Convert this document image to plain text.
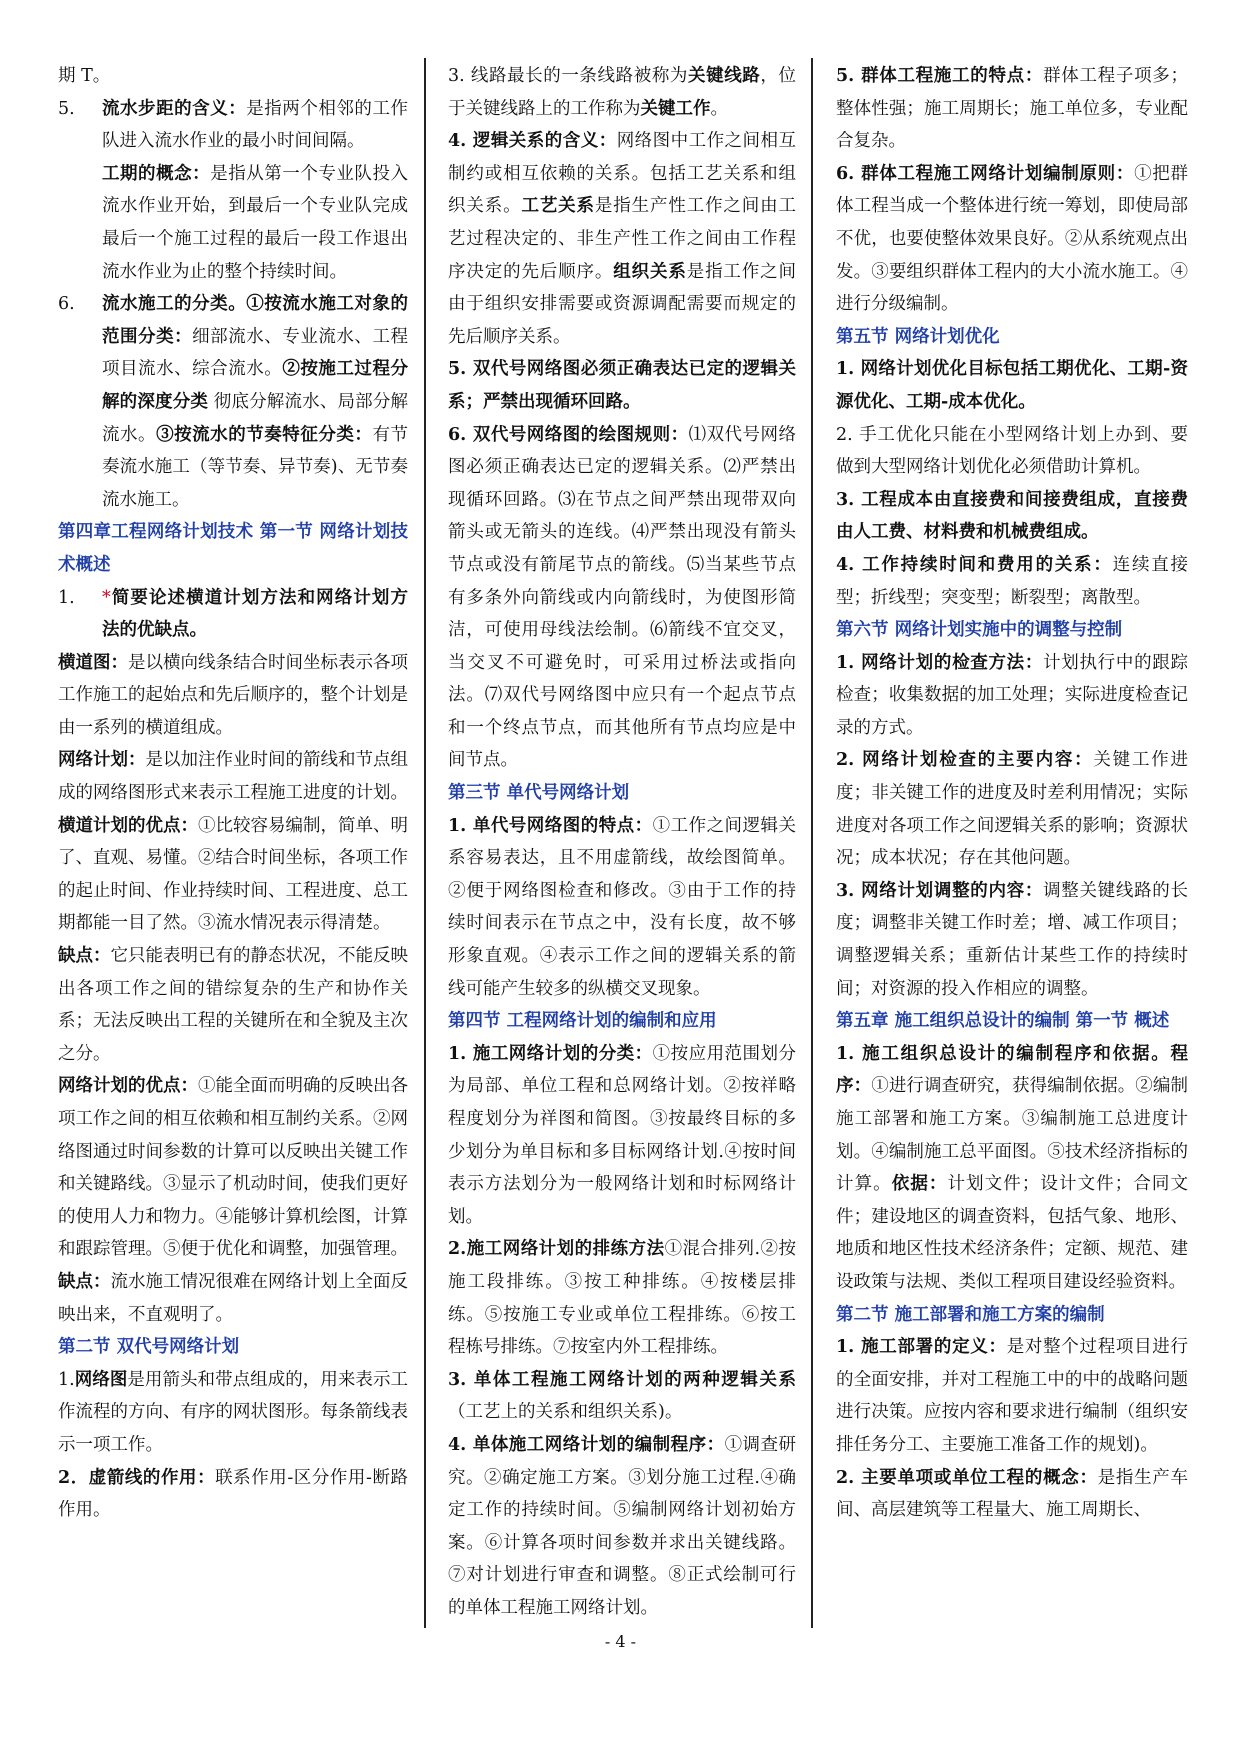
期 T。

5.	流水步距的含义：是指两个相邻的工作队进入流水作业的最小时间间隔。
工期的概念：是指从第一个专业队投入流水作业开始，到最后一个专业队完成最后一个施工过程的最后一段工作退出流水作业为止的整个持续时间。

6.	流水施工的分类。①按流水施工对象的范围分类：细部流水、专业流水、工程项目流水、综合流水。②按施工过程分解的深度分类 彻底分解流水、局部分解流水。③按流水的节奏特征分类：有节奏流水施工（等节奏、异节奏)、无节奏流水施工。

第四章工程网络计划技术 第一节 网络计划技术概述

1.	*简要论述横道计划方法和网络计划方法的优缺点。

横道图：是以横向线条结合时间坐标表示各项工作施工的起始点和先后顺序的，整个计划是由一系列的横道组成。

网络计划：是以加注作业时间的箭线和节点组成的网络图形式来表示工程施工进度的计划。

横道计划的优点：①比较容易编制，简单、明了、直观、易懂。②结合时间坐标，各项工作的起止时间、作业持续时间、工程进度、总工期都能一目了然。③流水情况表示得清楚。

缺点：它只能表明已有的静态状况，不能反映出各项工作之间的错综复杂的生产和协作关系；无法反映出工程的关键所在和全貌及主次之分。

网络计划的优点：①能全面而明确的反映出各项工作之间的相互依赖和相互制约关系。②网络图通过时间参数的计算可以反映出关键工作和关键路线。③显示了机动时间，使我们更好的使用人力和物力。④能够计算机绘图，计算和跟踪管理。⑤便于优化和调整，加强管理。

缺点：流水施工情况很难在网络计划上全面反映出来，不直观明了。

第二节 双代号网络计划

1.网络图是用箭头和带点组成的，用来表示工作流程的方向、有序的网状图形。每条箭线表示一项工作。

2．虚箭线的作用：联系作用-区分作用-断路作用。

3. 线路最长的一条线路被称为关键线路，位于关键线路上的工作称为关键工作。

4. 逻辑关系的含义：网络图中工作之间相互制约或相互依赖的关系。包括工艺关系和组织关系。工艺关系是指生产性工作之间由工艺过程决定的、非生产性工作之间由工作程序决定的先后顺序。组织关系是指工作之间由于组织安排需要或资源调配需要而规定的先后顺序关系。

5. 双代号网络图必须正确表达已定的逻辑关系；严禁出现循环回路。

6. 双代号网络图的绘图规则：⑴双代号网络图必须正确表达已定的逻辑关系。⑵严禁出现循环回路。⑶在节点之间严禁出现带双向箭头或无箭头的连线。⑷严禁出现没有箭头节点或没有箭尾节点的箭线。⑸当某些节点有多条外向箭线或内向箭线时，为使图形简洁，可使用母线法绘制。⑹箭线不宜交叉，当交叉不可避免时，可采用过桥法或指向法。⑺双代号网络图中应只有一个起点节点和一个终点节点，而其他所有节点均应是中间节点。

第三节 单代号网络计划

1. 单代号网络图的特点：①工作之间逻辑关系容易表达，且不用虚箭线，故绘图简单。②便于网络图检查和修改。③由于工作的持续时间表示在节点之中，没有长度，故不够形象直观。④表示工作之间的逻辑关系的箭线可能产生较多的纵横交叉现象。

第四节 工程网络计划的编制和应用

1. 施工网络计划的分类：①按应用范围划分为局部、单位工程和总网络计划。②按祥略程度划分为祥图和简图。③按最终目标的多少划分为单目标和多目标网络计划.④按时间表示方法划分为一般网络计划和时标网络计划。

2.施工网络计划的排练方法①混合排列.②按施工段排练。③按工种排练。④按楼层排练。⑤按施工专业或单位工程排练。⑥按工程栋号排练。⑦按室内外工程排练。

3. 单体工程施工网络计划的两种逻辑关系（工艺上的关系和组织关系)。

4. 单体施工网络计划的编制程序：①调查研究。②确定施工方案。③划分施工过程.④确定工作的持续时间。⑤编制网络计划初始方案。⑥计算各项时间参数并求出关键线路。⑦对计划进行审查和调整。⑧正式绘制可行的单体工程施工网络计划。

5. 群体工程施工的特点：群体工程子项多；整体性强；施工周期长；施工单位多，专业配合复杂。

6. 群体工程施工网络计划编制原则：①把群体工程当成一个整体进行统一筹划，即使局部不优，也要使整体效果良好。②从系统观点出发。③要组织群体工程内的大小流水施工。④进行分级编制。

第五节 网络计划优化

1. 网络计划优化目标包括工期优化、工期-资源优化、工期-成本优化。

2. 手工优化只能在小型网络计划上办到、要做到大型网络计划优化必须借助计算机。

3. 工程成本由直接费和间接费组成，直接费由人工费、材料费和机械费组成。

4. 工作持续时间和费用的关系：连续直接型；折线型；突变型；断裂型；离散型。

第六节 网络计划实施中的调整与控制

1. 网络计划的检查方法：计划执行中的跟踪检查；收集数据的加工处理；实际进度检查记录的方式。

2. 网络计划检查的主要内容：关键工作进度；非关键工作的进度及时差利用情况；实际进度对各项工作之间逻辑关系的影响；资源状况；成本状况；存在其他问题。

3. 网络计划调整的内容：调整关键线路的长度；调整非关键工作时差；增、减工作项目；调整逻辑关系；重新估计某些工作的持续时间；对资源的投入作相应的调整。

第五章 施工组织总设计的编制 第一节 概述

1. 施工组织总设计的编制程序和依据。程序：①进行调查研究，获得编制依据。②编制施工部署和施工方案。③编制施工总进度计划。④编制施工总平面图。⑤技术经济指标的计算。依据：计划文件；设计文件；合同文件；建设地区的调查资料，包括气象、地形、地质和地区性技术经济条件；定额、规范、建设政策与法规、类似工程项目建设经验资料。

第二节 施工部署和施工方案的编制

1. 施工部署的定义：是对整个过程项目进行的全面安排，并对工程施工中的中的战略问题进行决策。应按内容和要求进行编制（组织安排任务分工、主要施工准备工作的规划)。

2. 主要单项或单位工程的概念：是指生产车间、高层建筑等工程量大、施工周期长、

- 4 -
